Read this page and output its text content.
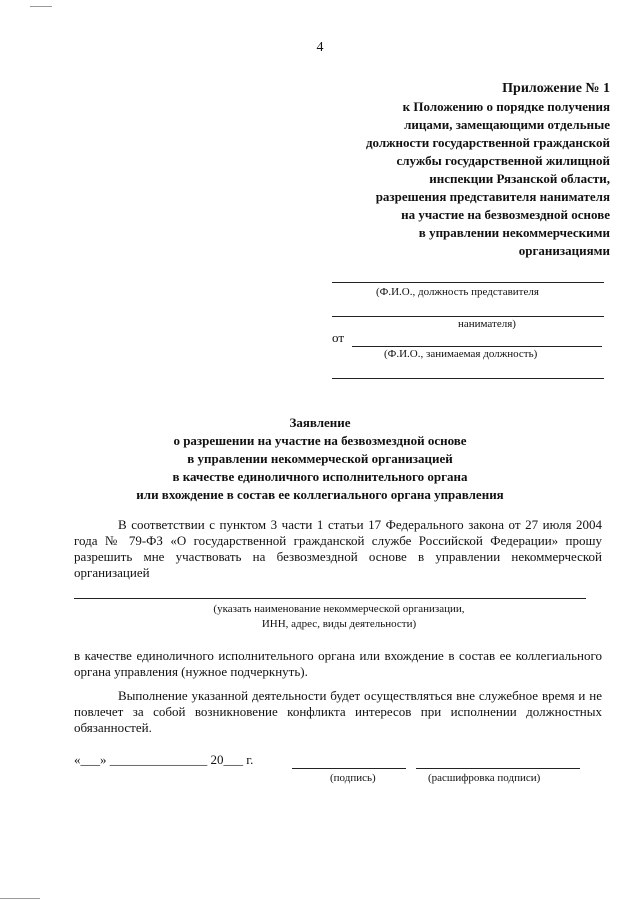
4
Приложение № 1
к Положению о порядке получения
лицами, замещающими отдельные
должности государственной гражданской
службы государственной жилищной
инспекции Рязанской области,
разрешения представителя нанимателя
на участие на безвозмездной основе
в управлении некоммерческими
организациями
(Ф.И.О., должность представителя
нанимателя)
от
(Ф.И.О., занимаемая должность)
Заявление
о разрешении на участие на безвозмездной основе
в управлении некоммерческой организацией
в качестве единоличного исполнительного органа
или вхождение в состав ее коллегиального органа управления
В соответствии с пунктом 3 части 1 статьи 17 Федерального закона от 27 июля 2004 года № 79-ФЗ «О государственной гражданской службе Российской Федерации» прошу разрешить мне участвовать на безвозмездной основе в управлении некоммерческой организацией
(указать наименование некоммерческой организации,
ИНН, адрес, виды деятельности)
в качестве единоличного исполнительного органа или вхождение в состав ее коллегиального органа управления (нужное подчеркнуть).
Выполнение указанной деятельности будет осуществляться вне служебное время и не повлечет за собой возникновение конфликта интересов при исполнении должностных обязанностей.
«___» _______________ 20___ г.
(подпись)	(расшифровка подписи)
